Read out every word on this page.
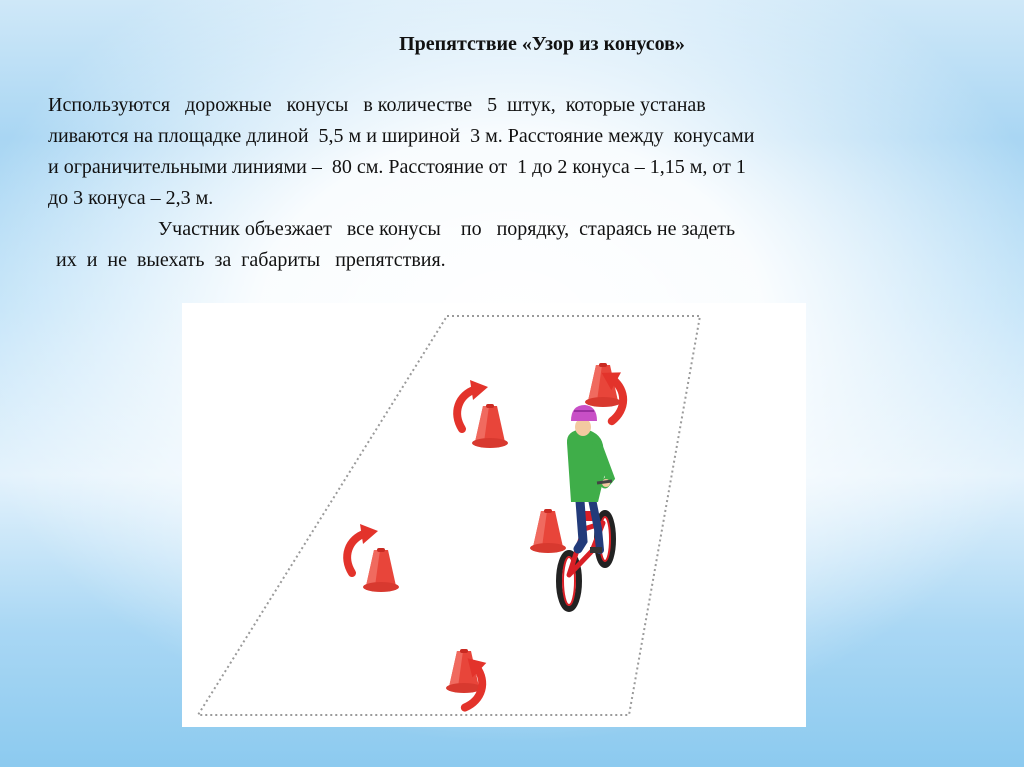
Препятствие «Узор из конусов»
Используются   дорожные   конусы   в количестве   5  штук,  которые устанав
ливаются на площадке длиной  5,5 м и шириной  3 м. Расстояние между  конусами
и ограничительными линиями –  80 см. Расстояние от  1 до 2 конуса – 1,15 м, от 1
до 3 конуса – 2,3 м.
Участник объезжает   все конусы    по   порядку,  стараясь не задеть
их  и  не  выехать  за  габариты   препятствия.
